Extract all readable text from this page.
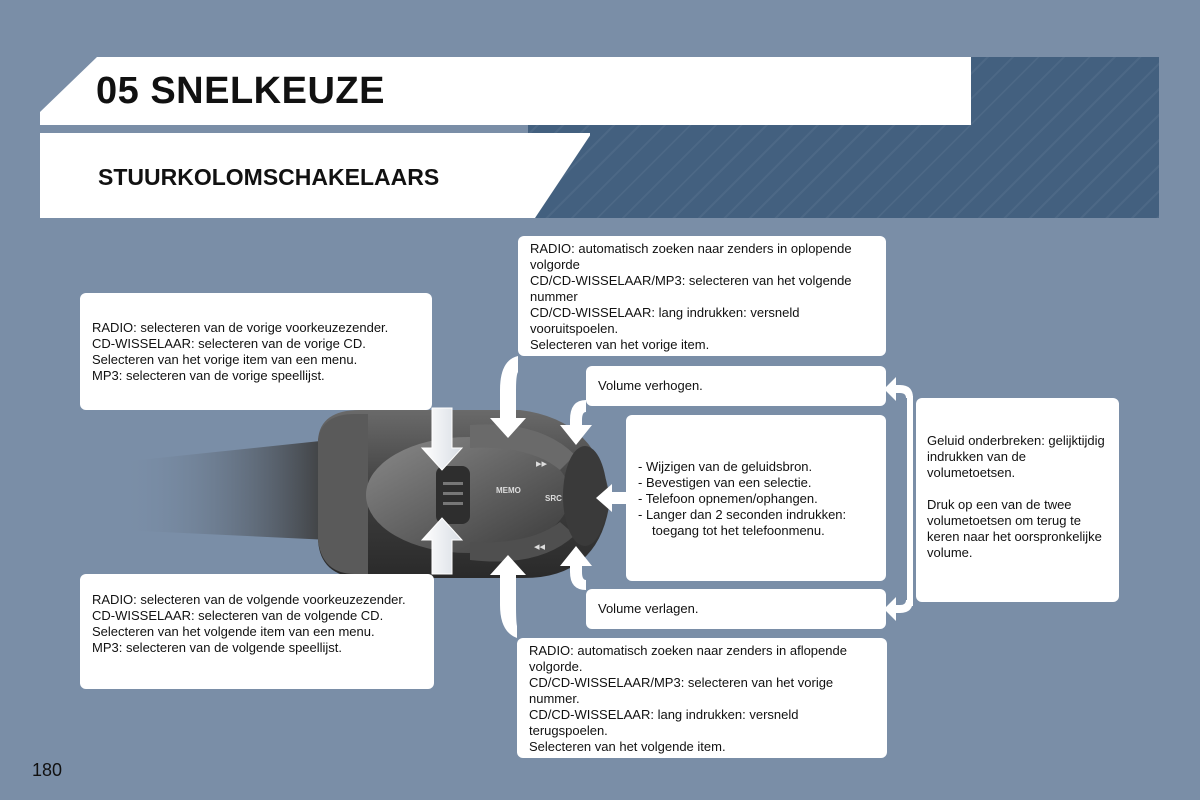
05 SNELKEUZE
STUURKOLOMSCHAKELAARS
MEMO
SRC
▸▸
◂◂

RADIO: selecteren van de vorige voorkeuzezender.

CD-WISSELAAR: selecteren van de vorige CD.

Selecteren van het vorige item van een menu.

MP3: selecteren van de vorige speellijst.

RADIO: selecteren van de volgende voorkeuzezender.

CD-WISSELAAR: selecteren van de volgende CD.

Selecteren van het volgende item van een menu.

MP3: selecteren van de volgende speellijst.

RADIO: automatisch zoeken naar zenders in oplopende volgorde

CD/CD-WISSELAAR/MP3: selecteren van het volgende nummer

CD/CD-WISSELAAR: lang indrukken: versneld vooruitspoelen.

Selecteren van het vorige item.

Volume verhogen.

- Wijzigen van de geluidsbron.
- Bevestigen van een selectie.
- Telefoon opnemen/ophangen.
- Langer dan 2 seconden indrukken: toegang tot het telefoonmenu.

Volume verlagen.

RADIO: automatisch zoeken naar zenders in aflopende volgorde.

CD/CD-WISSELAAR/MP3: selecteren van het vorige nummer.

CD/CD-WISSELAAR: lang indrukken: versneld terugspoelen.

Selecteren van het volgende item.

Geluid onderbreken: gelijktijdig indrukken van de volumetoetsen.

Druk op een van de twee volumetoetsen om terug te keren naar het oorspronkelijke volume.

180
